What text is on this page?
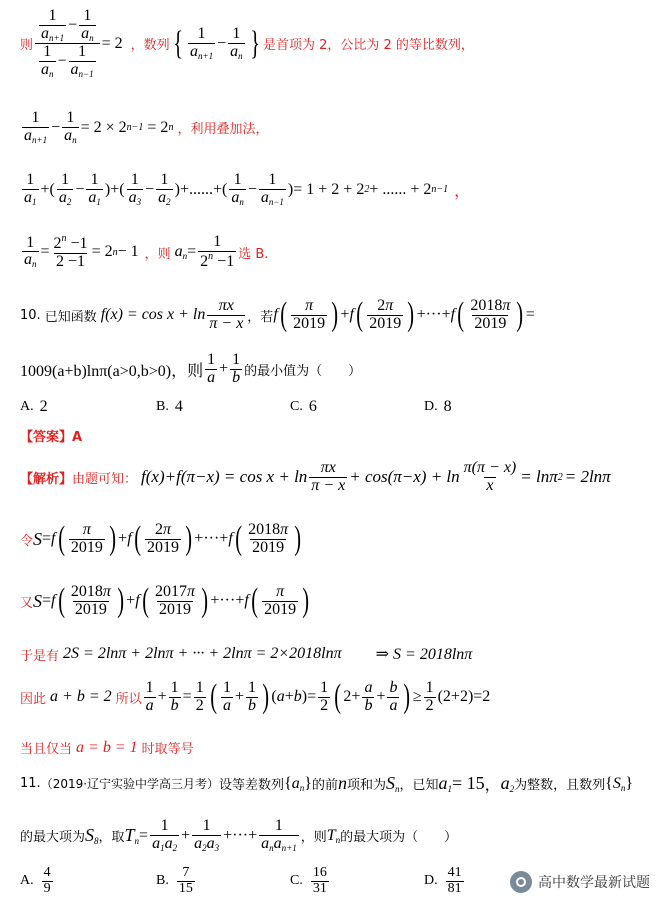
则 $\frac{\frac{1}{a_{n+1}} - \frac{1}{a_n}}{\frac{1}{a_n} - \frac{1}{a_{n-1}}} = 2$ ，数列 { $\frac{1}{a_{n+1}} - \frac{1}{a_n}$ } 是首项为 2，公比为 2 的等比数列，
$\frac{1}{a_{n+1}} - \frac{1}{a_n} = 2 \times 2$ n−1 = 2 n ，利用叠加法，
$\frac{1}{a_1}$ +( $\frac{1}{a_2} - \frac{1}{a_1}$ )+( $\frac{1}{a_3} - \frac{1}{a_2}$ )+......+( $\frac{1}{a_n} - \frac{1}{a_{n-1}}$ ) = 1 + 2 + 2 2 + ...... + 2 n−1 ，
$\frac{1}{a_n} = \frac{2^n -1}{2 -1} = 2$ n − 1 ，则 $a_n = \frac{1}{2^n -1}$ 选 B.
10. 已知函数 $f(x) = \cos x + \ln \frac{\pi x}{\pi - x}$ ，若 f ( $\frac{\pi}{2019}$ ) + f ( $\frac{2\pi}{2019}$ ) +···+ f ( $\frac{2018\pi}{2019}$ ) =
1009(a+b)lnπ(a>0,b>0)，则 $\frac{1}{a} + \frac{1}{b}$ 的最小值为（　　）
A. 2	B. 4	C. 6	D. 8
【答案】A
【解析】 由题可知： $f(x)+f(\pi-x) = \cos x + \ln \frac{\pi x}{\pi - x} + \cos(\pi-x) + \ln \frac{\pi(\pi - x)}{x} = \ln\pi$ 2 = 2lnπ
令 S = f ( $\frac{\pi}{2019}$ ) + f ( $\frac{2\pi}{2019}$ ) +···+ f ( $\frac{2018\pi}{2019}$ )
又 S = f ( $\frac{2018\pi}{2019}$ ) + f ( $\frac{2017\pi}{2019}$ ) +···+ f ( $\frac{\pi}{2019}$ )
于是有 2S = 2lnπ + 2lnπ + ··· + 2lnπ = 2×2018lnπ ⇒ S = 2018lnπ
因此 a + b = 2 所以 $\frac{1}{a} + \frac{1}{b} = \frac{1}{2}$ ( $\frac{1}{a} + \frac{1}{b}$ ) ( a + b )= $\frac{1}{2}$ ( $2+ \frac{a}{b} + \frac{b}{a}$ ) ≥ $\frac{1}{2} (2+2)=2$
当且仅当 a = b = 1 时取等号
11. （2019·辽宁实验中学高三月考） 设等差数列 $\{a_n\}$ 的前 n 项和为 $S_n$ ，已知 $a_1 = 15$ ， $a_2$ 为整数，且数列 $\{S_n\}$
的最大项为 $S_8$ ，取 $T_n = \frac{1}{a_1a_2} + \frac{1}{a_2a_3}$ +···+ $\frac{1}{a_na_{n+1}}$ ，则 $T_n$ 的最大项为（　　）
A. $\frac{4}{9}$	B. $\frac{7}{15}$	C. $\frac{16}{31}$	D. $\frac{41}{81}$	高中数学最新试题
